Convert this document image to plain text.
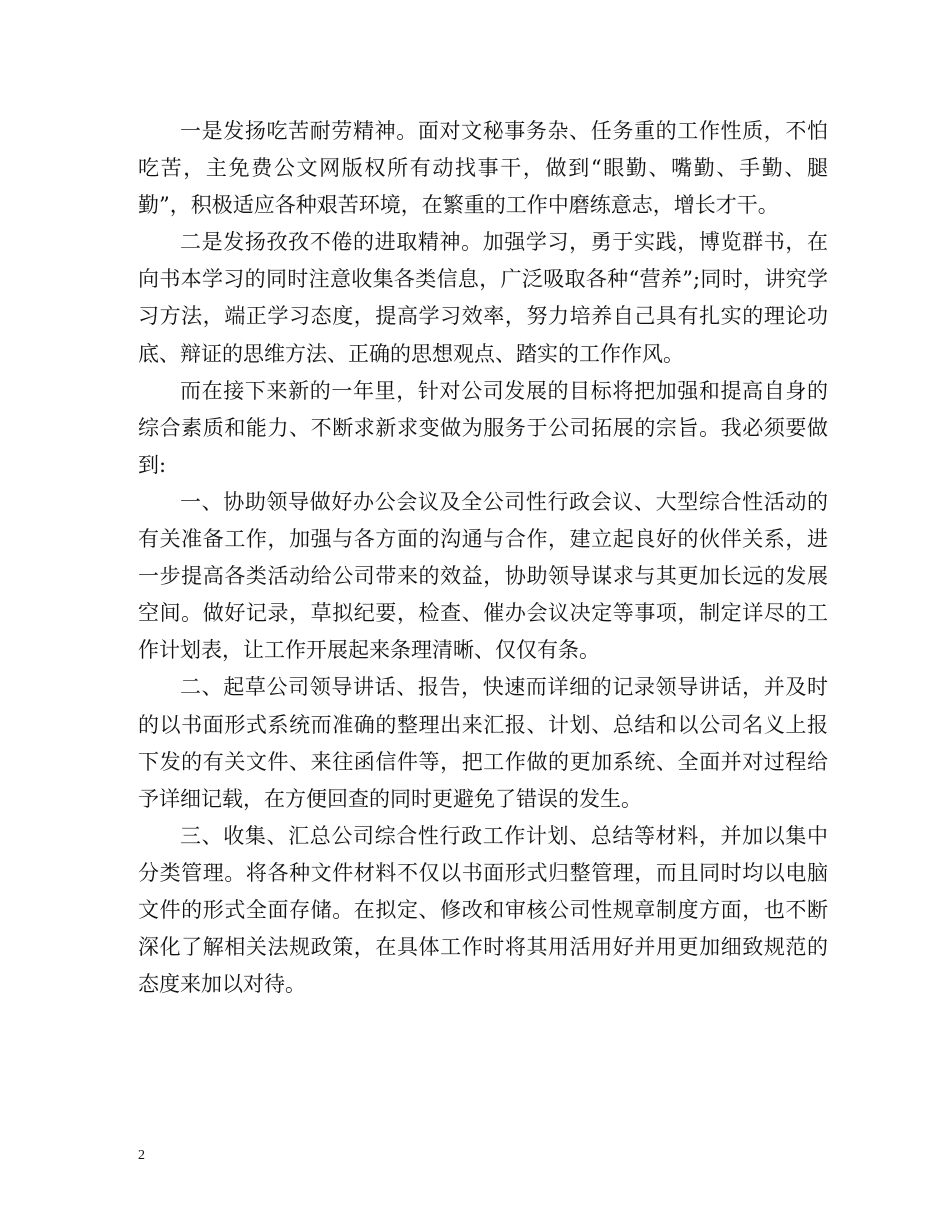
一是发扬吃苦耐劳精神。面对文秘事务杂、任务重的工作性质，不怕吃苦，主免费公文网版权所有动找事干，做到“眼勤、嘴勤、手勤、腿勤”，积极适应各种艰苦环境，在繁重的工作中磨练意志，增长才干。

二是发扬孜孜不倦的进取精神。加强学习，勇于实践，博览群书，在向书本学习的同时注意收集各类信息，广泛吸取各种“营养”;同时，讲究学习方法，端正学习态度，提高学习效率，努力培养自己具有扎实的理论功底、辩证的思维方法、正确的思想观点、踏实的工作作风。

而在接下来新的一年里，针对公司发展的目标将把加强和提高自身的综合素质和能力、不断求新求变做为服务于公司拓展的宗旨。我必须要做到:

一、协助领导做好办公会议及全公司性行政会议、大型综合性活动的有关准备工作，加强与各方面的沟通与合作，建立起良好的伙伴关系，进一步提高各类活动给公司带来的效益，协助领导谋求与其更加长远的发展空间。做好记录，草拟纪要，检查、催办会议决定等事项，制定详尽的工作计划表，让工作开展起来条理清晰、仅仅有条。

二、起草公司领导讲话、报告，快速而详细的记录领导讲话，并及时的以书面形式系统而准确的整理出来汇报、计划、总结和以公司名义上报下发的有关文件、来往函信件等，把工作做的更加系统、全面并对过程给予详细记载，在方便回查的同时更避免了错误的发生。

三、收集、汇总公司综合性行政工作计划、总结等材料，并加以集中分类管理。将各种文件材料不仅以书面形式归整管理，而且同时均以电脑文件的形式全面存储。在拟定、修改和审核公司性规章制度方面，也不断深化了解相关法规政策，在具体工作时将其用活用好并用更加细致规范的态度来加以对待。

2
